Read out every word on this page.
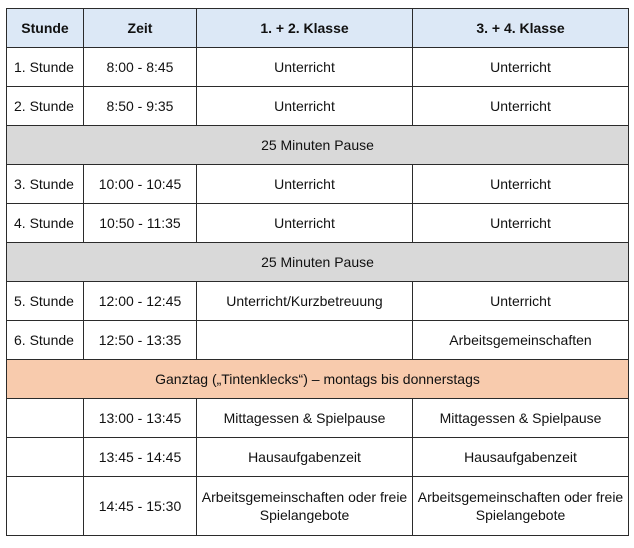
Stunde	Zeit	1. + 2. Klasse	3. + 4. Klasse
1. Stunde	8:00 - 8:45	Unterricht	Unterricht
2. Stunde	8:50 - 9:35	Unterricht	Unterricht
25 Minuten Pause			
3. Stunde	10:00 - 10:45	Unterricht	Unterricht
4. Stunde	10:50 - 11:35	Unterricht	Unterricht
25 Minuten Pause			
5. Stunde	12:00 - 12:45	Unterricht/Kurzbetreuung	Unterricht
6. Stunde	12:50 - 13:35		Arbeitsgemeinschaften
Ganztag („Tintenklecks“) – montags bis donnerstags			
	13:00 - 13:45	Mittagessen & Spielpause	Mittagessen & Spielpause
	13:45 - 14:45	Hausaufgabenzeit	Hausaufgabenzeit
	14:45 - 15:30	Arbeitsgemeinschaften oder freie Spielangebote	Arbeitsgemeinschaften oder freie Spielangebote
